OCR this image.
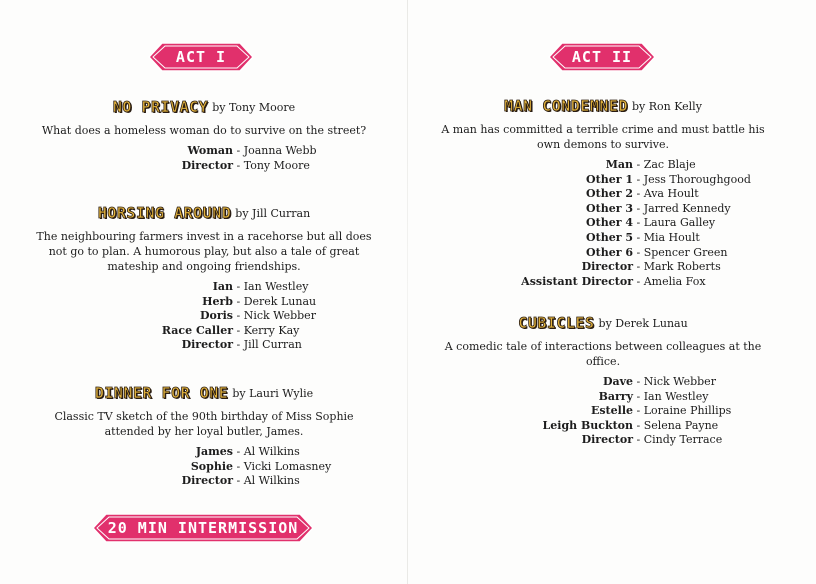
ACT I
NO PRIVACY by Tony Moore
What does a homeless woman do to survive on the street?
Woman - Joanna Webb
Director - Tony Moore
HORSING AROUND by Jill Curran
The neighbouring farmers invest in a racehorse but all does not go to plan. A humorous play, but also a tale of great mateship and ongoing friendships.
Ian - Ian Westley
Herb - Derek Lunau
Doris - Nick Webber
Race Caller - Kerry Kay
Director - Jill Curran
DINNER FOR ONE by Lauri Wylie
Classic TV sketch of the 90th birthday of Miss Sophie attended by her loyal butler, James.
James - Al Wilkins
Sophie - Vicki Lomasney
Director - Al Wilkins
20 MIN INTERMISSION
ACT II
MAN CONDEMNED by Ron Kelly
A man has committed a terrible crime and must battle his own demons to survive.
Man - Zac Blaje
Other 1 - Jess Thoroughgood
Other 2 - Ava Hoult
Other 3 - Jarred Kennedy
Other 4 - Laura Galley
Other 5 - Mia Hoult
Other 6 - Spencer Green
Director - Mark Roberts
Assistant Director - Amelia Fox
CUBICLES by Derek Lunau
A comedic tale of interactions between colleagues at the office.
Dave - Nick Webber
Barry - Ian Westley
Estelle - Loraine Phillips
Leigh Buckton - Selena Payne
Director - Cindy Terrace
